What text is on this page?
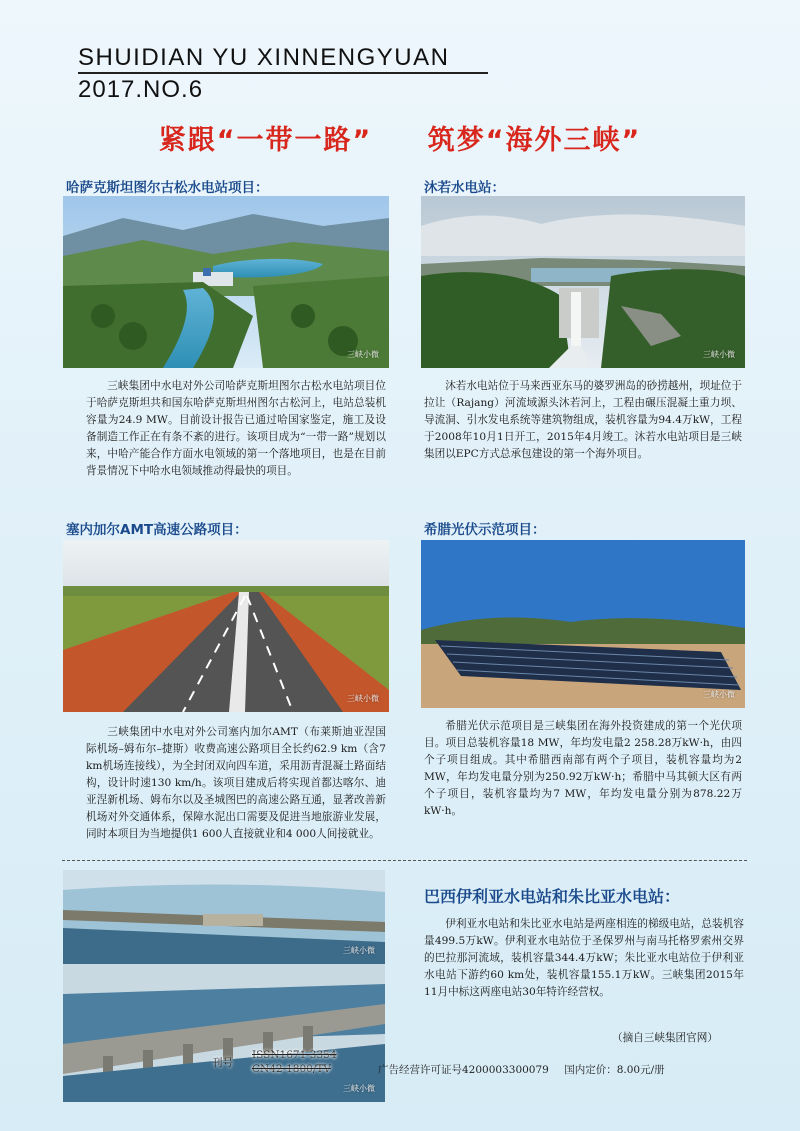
SHUIDIAN YU XINNENGYUAN
2017.NO.6
紧跟“一带一路” 筑梦“海外三峡”
哈萨克斯坦图尔古松水电站项目：
三峡小微
三峡集团中水电对外公司哈萨克斯坦图尔古松水电站项目位于哈萨克斯坦共和国东哈萨克斯坦州图尔古松河上，电站总装机容量为24.9 MW。目前设计报告已通过哈国家鉴定，施工及设备制造工作正在有条不紊的进行。该项目成为“一带一路”规划以来，中哈产能合作方面水电领域的第一个落地项目，也是在目前背景情况下中哈水电领域推动得最快的项目。
沐若水电站：
三峡小微
沐若水电站位于马来西亚东马的婆罗洲岛的砂捞越州，坝址位于拉让（Rajang）河流域源头沐若河上，工程由碾压混凝土重力坝、导流洞、引水发电系统等建筑物组成，装机容量为94.4万kW，工程于2008年10月1日开工，2015年4月竣工。沐若水电站项目是三峡集团以EPC方式总承包建设的第一个海外项目。
塞内加尔AMT高速公路项目：
三峡小微
三峡集团中水电对外公司塞内加尔AMT（布莱斯迪亚涅国际机场–姆布尔–捷斯）收费高速公路项目全长约62.9 km（含7 km机场连接线），为全封闭双向四车道，采用沥青混凝土路面结构，设计时速130 km/h。该项目建成后将实现首都达喀尔、迪亚涅新机场、姆布尔以及圣城图巴的高速公路互通，显著改善新机场对外交通体系，保障水泥出口需要及促进当地旅游业发展，同时本项目为当地提供1 600人直接就业和4 000人间接就业。
希腊光伏示范项目：
三峡小微
希腊光伏示范项目是三峡集团在海外投资建成的第一个光伏项目。项目总装机容量18 MW，年均发电量2 258.28万kW·h，由四个子项目组成。其中希腊西南部有两个子项目，装机容量均为2 MW，年均发电量分别为250.92万kW·h；希腊中马其顿大区有两个子项目，装机容量均为7 MW，年均发电量分别为878.22万kW·h。
三峡小微
三峡小微
巴西伊利亚水电站和朱比亚水电站：
伊利亚水电站和朱比亚水电站是两座相连的梯级电站，总装机容量499.5万kW。伊利亚水电站位于圣保罗州与南马托格罗索州交界的巴拉那河流域，装机容量344.4万kW；朱比亚水电站位于伊利亚水电站下游约60 km处，装机容量155.1万kW。三峡集团2015年11月中标这两座电站30年特许经营权。
（摘自三峡集团官网）
刊号
ISSN1671-3354
CN42-1800/TV	广告经营许可证号4200003300079 国内定价：8.00元/册
